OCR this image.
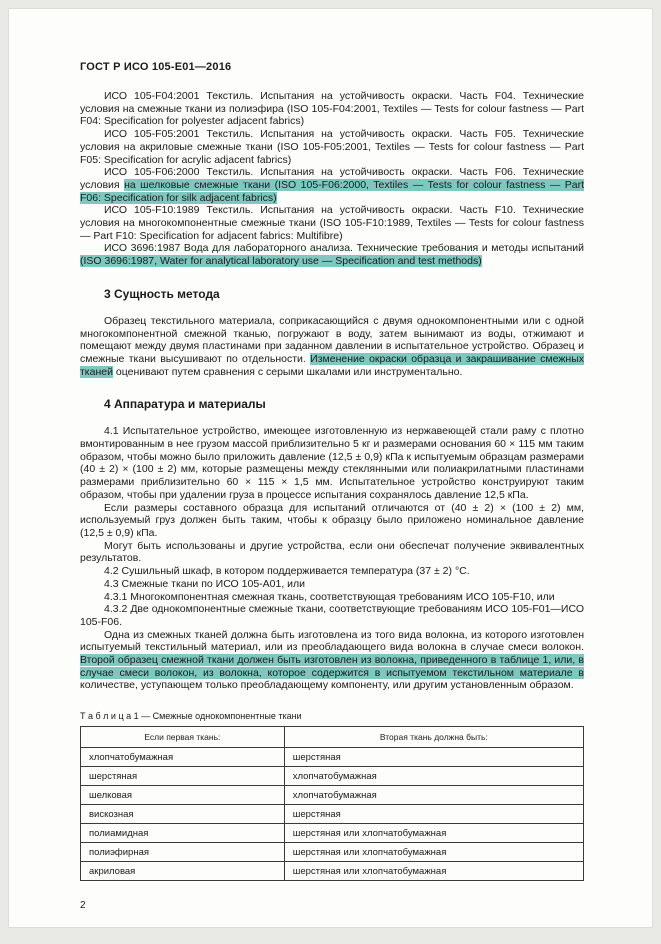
ГОСТ Р ИСО 105-Е01—2016

ИСО 105-F04:2001 Текстиль. Испытания на устойчивость окраски. Часть F04. Технические условия на смежные ткани из полиэфира (ISO 105-F04:2001, Textiles — Tests for colour fastness — Part F04: Specification for polyester adjacent fabrics)

ИСО 105-F05:2001 Текстиль. Испытания на устойчивость окраски. Часть F05. Технические условия на акриловые смежные ткани (ISO 105-F05:2001, Textiles — Tests for colour fastness — Part F05: Specification for acrylic adjacent fabrics)

ИСО 105-F06:2000 Текстиль. Испытания на устойчивость окраски. Часть F06. Технические условия на шелковые смежные ткани (ISO 105-F06:2000, Textiles — Tests for colour fastness — Part F06: Specification for silk adjacent fabrics)

ИСО 105-F10:1989 Текстиль. Испытания на устойчивость окраски. Часть F10. Технические условия на многокомпонентные смежные ткани (ISO 105-F10:1989, Textiles — Tests for colour fastness — Part F10: Specification for adjacent fabrics: Multifibre)

ИСО 3696:1987 Вода для лабораторного анализа. Технические требования и методы испытаний (ISO 3696:1987, Water for analytical laboratory use — Specification and test methods)

3 Сущность метода

Образец текстильного материала, соприкасающийся с двумя однокомпонентными или с одной многокомпонентной смежной тканью, погружают в воду, затем вынимают из воды, отжимают и помещают между двумя пластинами при заданном давлении в испытательное устройство. Образец и смежные ткани высушивают по отдельности. Изменение окраски образца и закрашивание смежных тканей оценивают путем сравнения с серыми шкалами или инструментально.

4 Аппаратура и материалы

4.1 Испытательное устройство, имеющее изготовленную из нержавеющей стали раму с плотно вмонтированным в нее грузом массой приблизительно 5 кг и размерами основания 60 × 115 мм таким образом, чтобы можно было приложить давление (12,5 ± 0,9) кПа к испытуемым образцам размерами (40 ± 2) × (100 ± 2) мм, которые размещены между стеклянными или полиакрилатными пластинами размерами приблизительно 60 × 115 × 1,5 мм. Испытательное устройство конструируют таким образом, чтобы при удалении груза в процессе испытания сохранялось давление 12,5 кПа.

Если размеры составного образца для испытаний отличаются от (40 ± 2) × (100 ± 2) мм, используемый груз должен быть таким, чтобы к образцу было приложено номинальное давление (12,5 ± 0,9) кПа.

Могут быть использованы и другие устройства, если они обеспечат получение эквивалентных результатов.

4.2 Сушильный шкаф, в котором поддерживается температура (37 ± 2) °С.

4.3 Смежные ткани по ИСО 105-А01, или

4.3.1 Многокомпонентная смежная ткань, соответствующая требованиям ИСО 105-F10, или

4.3.2 Две однокомпонентные смежные ткани, соответствующие требованиям ИСО 105-F01—ИСО 105-F06.

Одна из смежных тканей должна быть изготовлена из того вида волокна, из которого изготовлен испытуемый текстильный материал, или из преобладающего вида волокна в случае смеси волокон. Второй образец смежной ткани должен быть изготовлен из волокна, приведенного в таблице 1, или, в случае смеси волокон, из волокна, которое содержится в испытуемом текстильном материале в количестве, уступающем только преобладающему компоненту, или другим установленным образом.

Т а б л и ц а 1 — Смежные однокомпонентные ткани

Если первая ткань:	Вторая ткань должна быть:
хлопчатобумажная	шерстяная
шерстяная	хлопчатобумажная
шелковая	хлопчатобумажная
вискозная	шерстяная
полиамидная	шерстяная или хлопчатобумажная
полиэфирная	шерстяная или хлопчатобумажная
акриловая	шерстяная или хлопчатобумажная
2
